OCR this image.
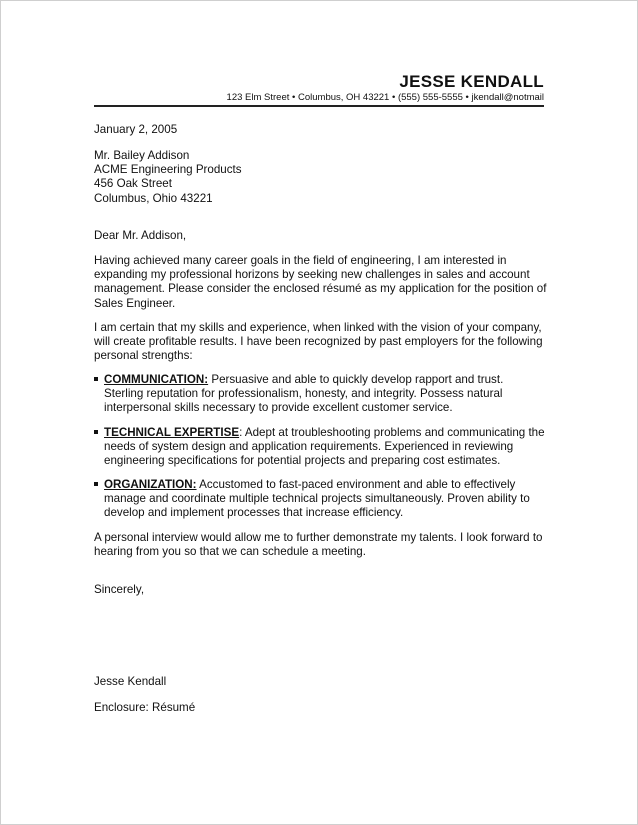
JESSE KENDALL
123 Elm Street • Columbus, OH 43221 • (555) 555-5555 • jkendall@notmail
January 2, 2005
Mr. Bailey Addison
ACME Engineering Products
456 Oak Street
Columbus, Ohio 43221
Dear Mr. Addison,
Having achieved many career goals in the field of engineering, I am interested in
expanding my professional horizons by seeking new challenges in sales and account
management. Please consider the enclosed résumé as my application for the position of
Sales Engineer.
I am certain that my skills and experience, when linked with the vision of your company,
will create profitable results. I have been recognized by past employers for the following
personal strengths:
COMMUNICATION: Persuasive and able to quickly develop rapport and trust.
Sterling reputation for professionalism, honesty, and integrity. Possess natural
interpersonal skills necessary to provide excellent customer service.
TECHNICAL EXPERTISE: Adept at troubleshooting problems and communicating the
needs of system design and application requirements. Experienced in reviewing
engineering specifications for potential projects and preparing cost estimates.
ORGANIZATION: Accustomed to fast-paced environment and able to effectively
manage and coordinate multiple technical projects simultaneously. Proven ability to
develop and implement processes that increase efficiency.
A personal interview would allow me to further demonstrate my talents. I look forward to
hearing from you so that we can schedule a meeting.
Sincerely,
Jesse Kendall
Enclosure: Résumé
